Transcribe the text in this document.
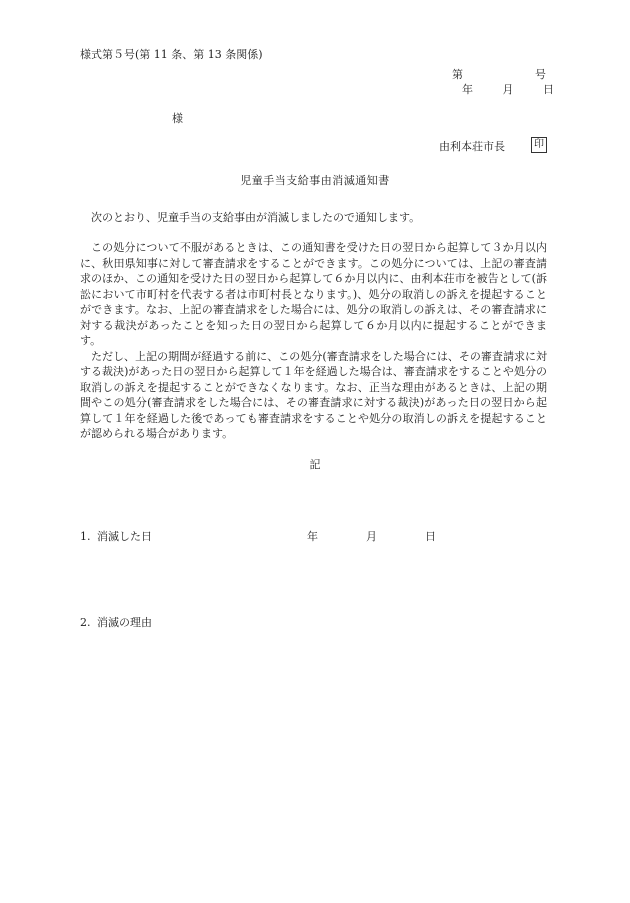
様式第５号(第 11 条、第 13 条関係)
第	号
年	月	日
様
由利本荘市長	印
児童手当支給事由消滅通知書
次のとおり、児童手当の支給事由が消滅しましたので通知します。

この処分について不服があるときは、この通知書を受けた日の翌日から起算して３か月以内に、秋田県知事に対して審査請求をすることができます。この処分については、上記の審査請求のほか、この通知を受けた日の翌日から起算して６か月以内に、由利本荘市を被告として(訴訟において市町村を代表する者は市町村長となります。)、処分の取消しの訴えを提起することができます。なお、上記の審査請求をした場合には、処分の取消しの訴えは、その審査請求に対する裁決があったことを知った日の翌日から起算して６か月以内に提起することができます。

ただし、上記の期間が経過する前に、この処分(審査請求をした場合には、その審査請求に対する裁決)があった日の翌日から起算して１年を経過した場合は、審査請求をすることや処分の取消しの訴えを提起することができなくなります。なお、正当な理由があるときは、上記の期間やこの処分(審査請求をした場合には、その審査請求に対する裁決)があった日の翌日から起算して１年を経過した後であっても審査請求をすることや処分の取消しの訴えを提起することが認められる場合があります。

記
1. 消滅した日	年	月	日
2. 消滅の理由
